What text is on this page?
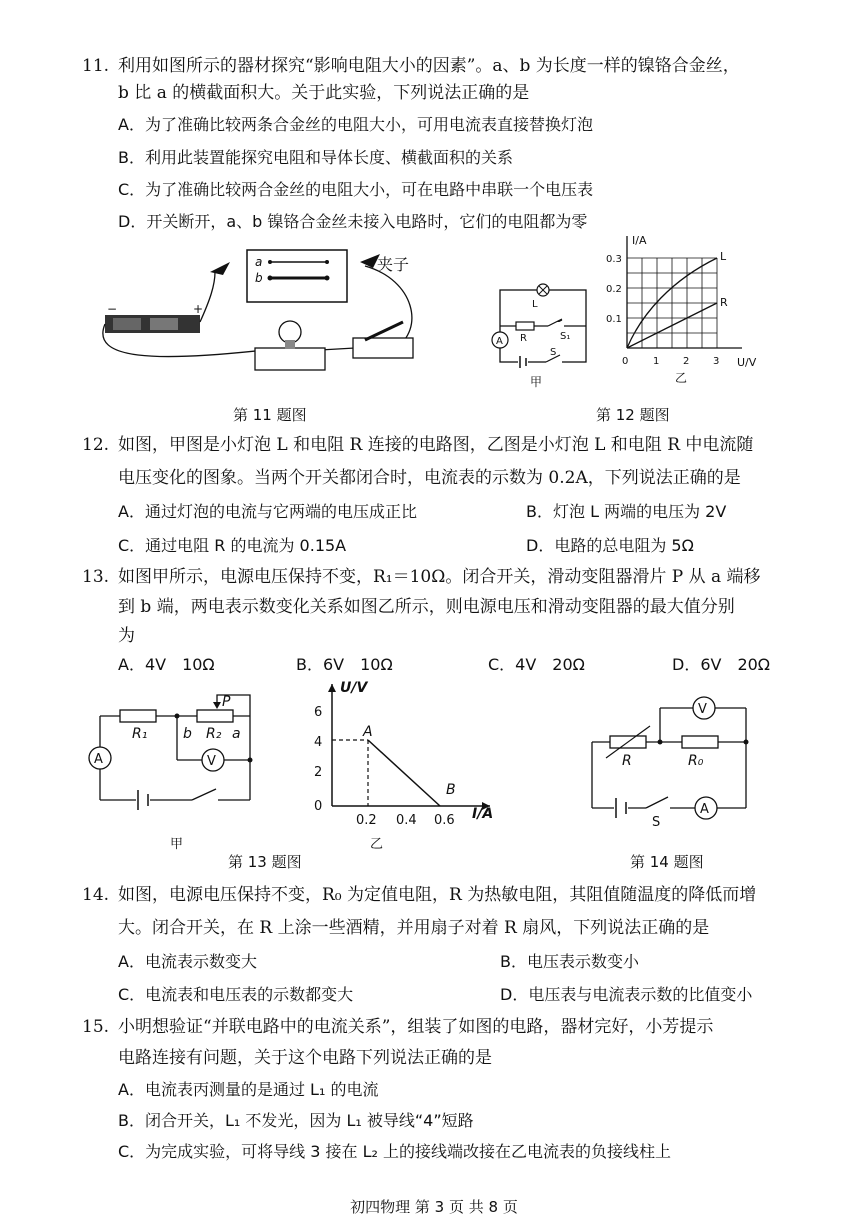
11. 利用如图所示的器材探究“影响电阻大小的因素”。a、b 为长度一样的镍铬合金丝，
b 比 a 的横截面积大。关于此实验，下列说法正确的是
A．为了准确比较两条合金丝的电阻大小，可用电流表直接替换灯泡
B．利用此装置能探究电阻和导体长度、横截面积的关系
C．为了准确比较两合金丝的电阻大小，可在电路中串联一个电压表
D．开关断开，a、b 镍铬合金丝未接入电路时，它们的电阻都为零
a
b
−	+
夹子
第 11 题图
L
R	S₁
A
S
甲
I/A
U/V
0.3
0.2
0.1
0 1 2 3
L
R
乙
第 12 题图
12. 如图，甲图是小灯泡 L 和电阻 R 连接的电路图，乙图是小灯泡 L 和电阻 R 中电流随
电压变化的图象。当两个开关都闭合时，电流表的示数为 0.2A，下列说法正确的是
A．通过灯泡的电流与它两端的电压成正比	B．灯泡 L 两端的电压为 2V
C．通过电阻 R 的电流为 0.15A	D．电路的总电阻为 5Ω
13. 如图甲所示，电源电压保持不变，R₁＝10Ω。闭合开关，滑动变阻器滑片 P 从 a 端移
到 b 端，两电表示数变化关系如图乙所示，则电源电压和滑动变阻器的最大值分别
为
A．4V　10Ω	B．6V　10Ω	C．4V　20Ω	D．6V　20Ω
R₁
P
b R₂ a
V
A
甲
U/V
I/A
6
4
2
0
0.2 0.4 0.6
A
B
乙
第 13 题图
V
R	R₀
S
A
第 14 题图
14. 如图，电源电压保持不变，R₀ 为定值电阻，R 为热敏电阻，其阻值随温度的降低而增
大。闭合开关，在 R 上涂一些酒精，并用扇子对着 R 扇风，下列说法正确的是
A．电流表示数变大	B．电压表示数变小
C．电流表和电压表的示数都变大	D．电压表与电流表示数的比值变小
15. 小明想验证“并联电路中的电流关系”，组装了如图的电路，器材完好，小芳提示
电路连接有问题，关于这个电路下列说法正确的是
A．电流表丙测量的是通过 L₁ 的电流
B．闭合开关，L₁ 不发光，因为 L₁ 被导线“4”短路
C．为完成实验，可将导线 3 接在 L₂ 上的接线端改接在乙电流表的负接线柱上
初四物理 第 3 页 共 8 页
